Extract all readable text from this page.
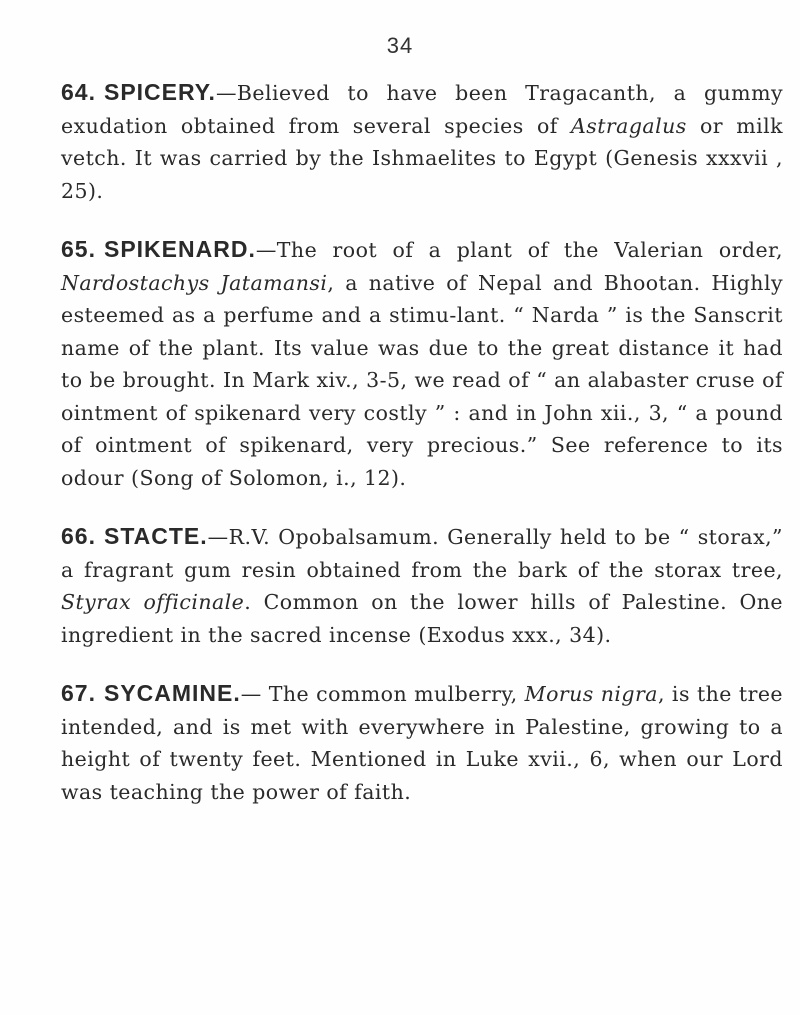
34

64. SPICERY.—Believed to have been Tragacanth, a gummy exudation obtained from several species of Astragalus or milk vetch. It was carried by the Ishmaelites to Egypt (Genesis xxxvii , 25).

65. SPIKENARD.—The root of a plant of the Valerian order, Nardostachys Jatamansi, a native of Nepal and Bhootan. Highly esteemed as a perfume and a stimu-lant. “ Narda ” is the Sanscrit name of the plant. Its value was due to the great distance it had to be brought. In Mark xiv., 3-5, we read of “ an alabaster cruse of ointment of spikenard very costly ” : and in John xii., 3, “ a pound of ointment of spikenard, very precious.” See reference to its odour (Song of Solomon, i., 12).

66. STACTE.—R.V. Opobalsamum. Generally held to be “ storax,” a fragrant gum resin obtained from the bark of the storax tree, Styrax officinale. Common on the lower hills of Palestine. One ingredient in the sacred incense (Exodus xxx., 34).

67. SYCAMINE.— The common mulberry, Morus nigra, is the tree intended, and is met with everywhere in Palestine, growing to a height of twenty feet. Mentioned in Luke xvii., 6, when our Lord was teaching the power of faith.
